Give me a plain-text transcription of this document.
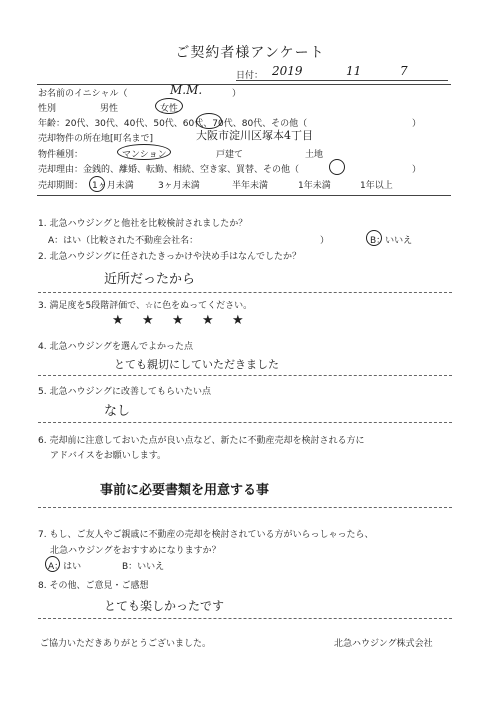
ご契約者様アンケート
日付： 2019	11	7
お名前のイニシャル（	M.M.	）
性別	男性	女性
年齢：20代、30代、40代、50代、60代、70代、80代、その他（	）
売却物件の所在地[町名まで]	大阪市淀川区塚本4丁目
物件種別：	マンション	戸建て	土地
売却理由：金銭的、離婚、転勤、相続、空き家、買替、その他（	）
売却期間： 1ヶ月未満	3ヶ月未満	半年未満	1年未満	1年以上
1. 北急ハウジングと他社を比較検討されましたか？
A：はい（比較された不動産会社名：	）	B：いいえ
2. 北急ハウジングに任されたきっかけや決め手はなんでしたか？
近所だったから
3. 満足度を5段階評価で、☆に色をぬってください。
★ ★ ★ ★ ★
4. 北急ハウジングを選んでよかった点
とても親切にしていただきました
5. 北急ハウジングに改善してもらいたい点
なし
6. 売却前に注意しておいた点が良い点など、新たに不動産売却を検討される方に
アドバイスをお願いします。
事前に必要書類を用意する事
7. もし、ご友人やご親戚に不動産の売却を検討されている方がいらっしゃったら、
北急ハウジングをおすすめになりますか？
A：はい	B：いいえ
8. その他、ご意見・ご感想
とても楽しかったです
ご協力いただきありがとうございました。	北急ハウジング株式会社
